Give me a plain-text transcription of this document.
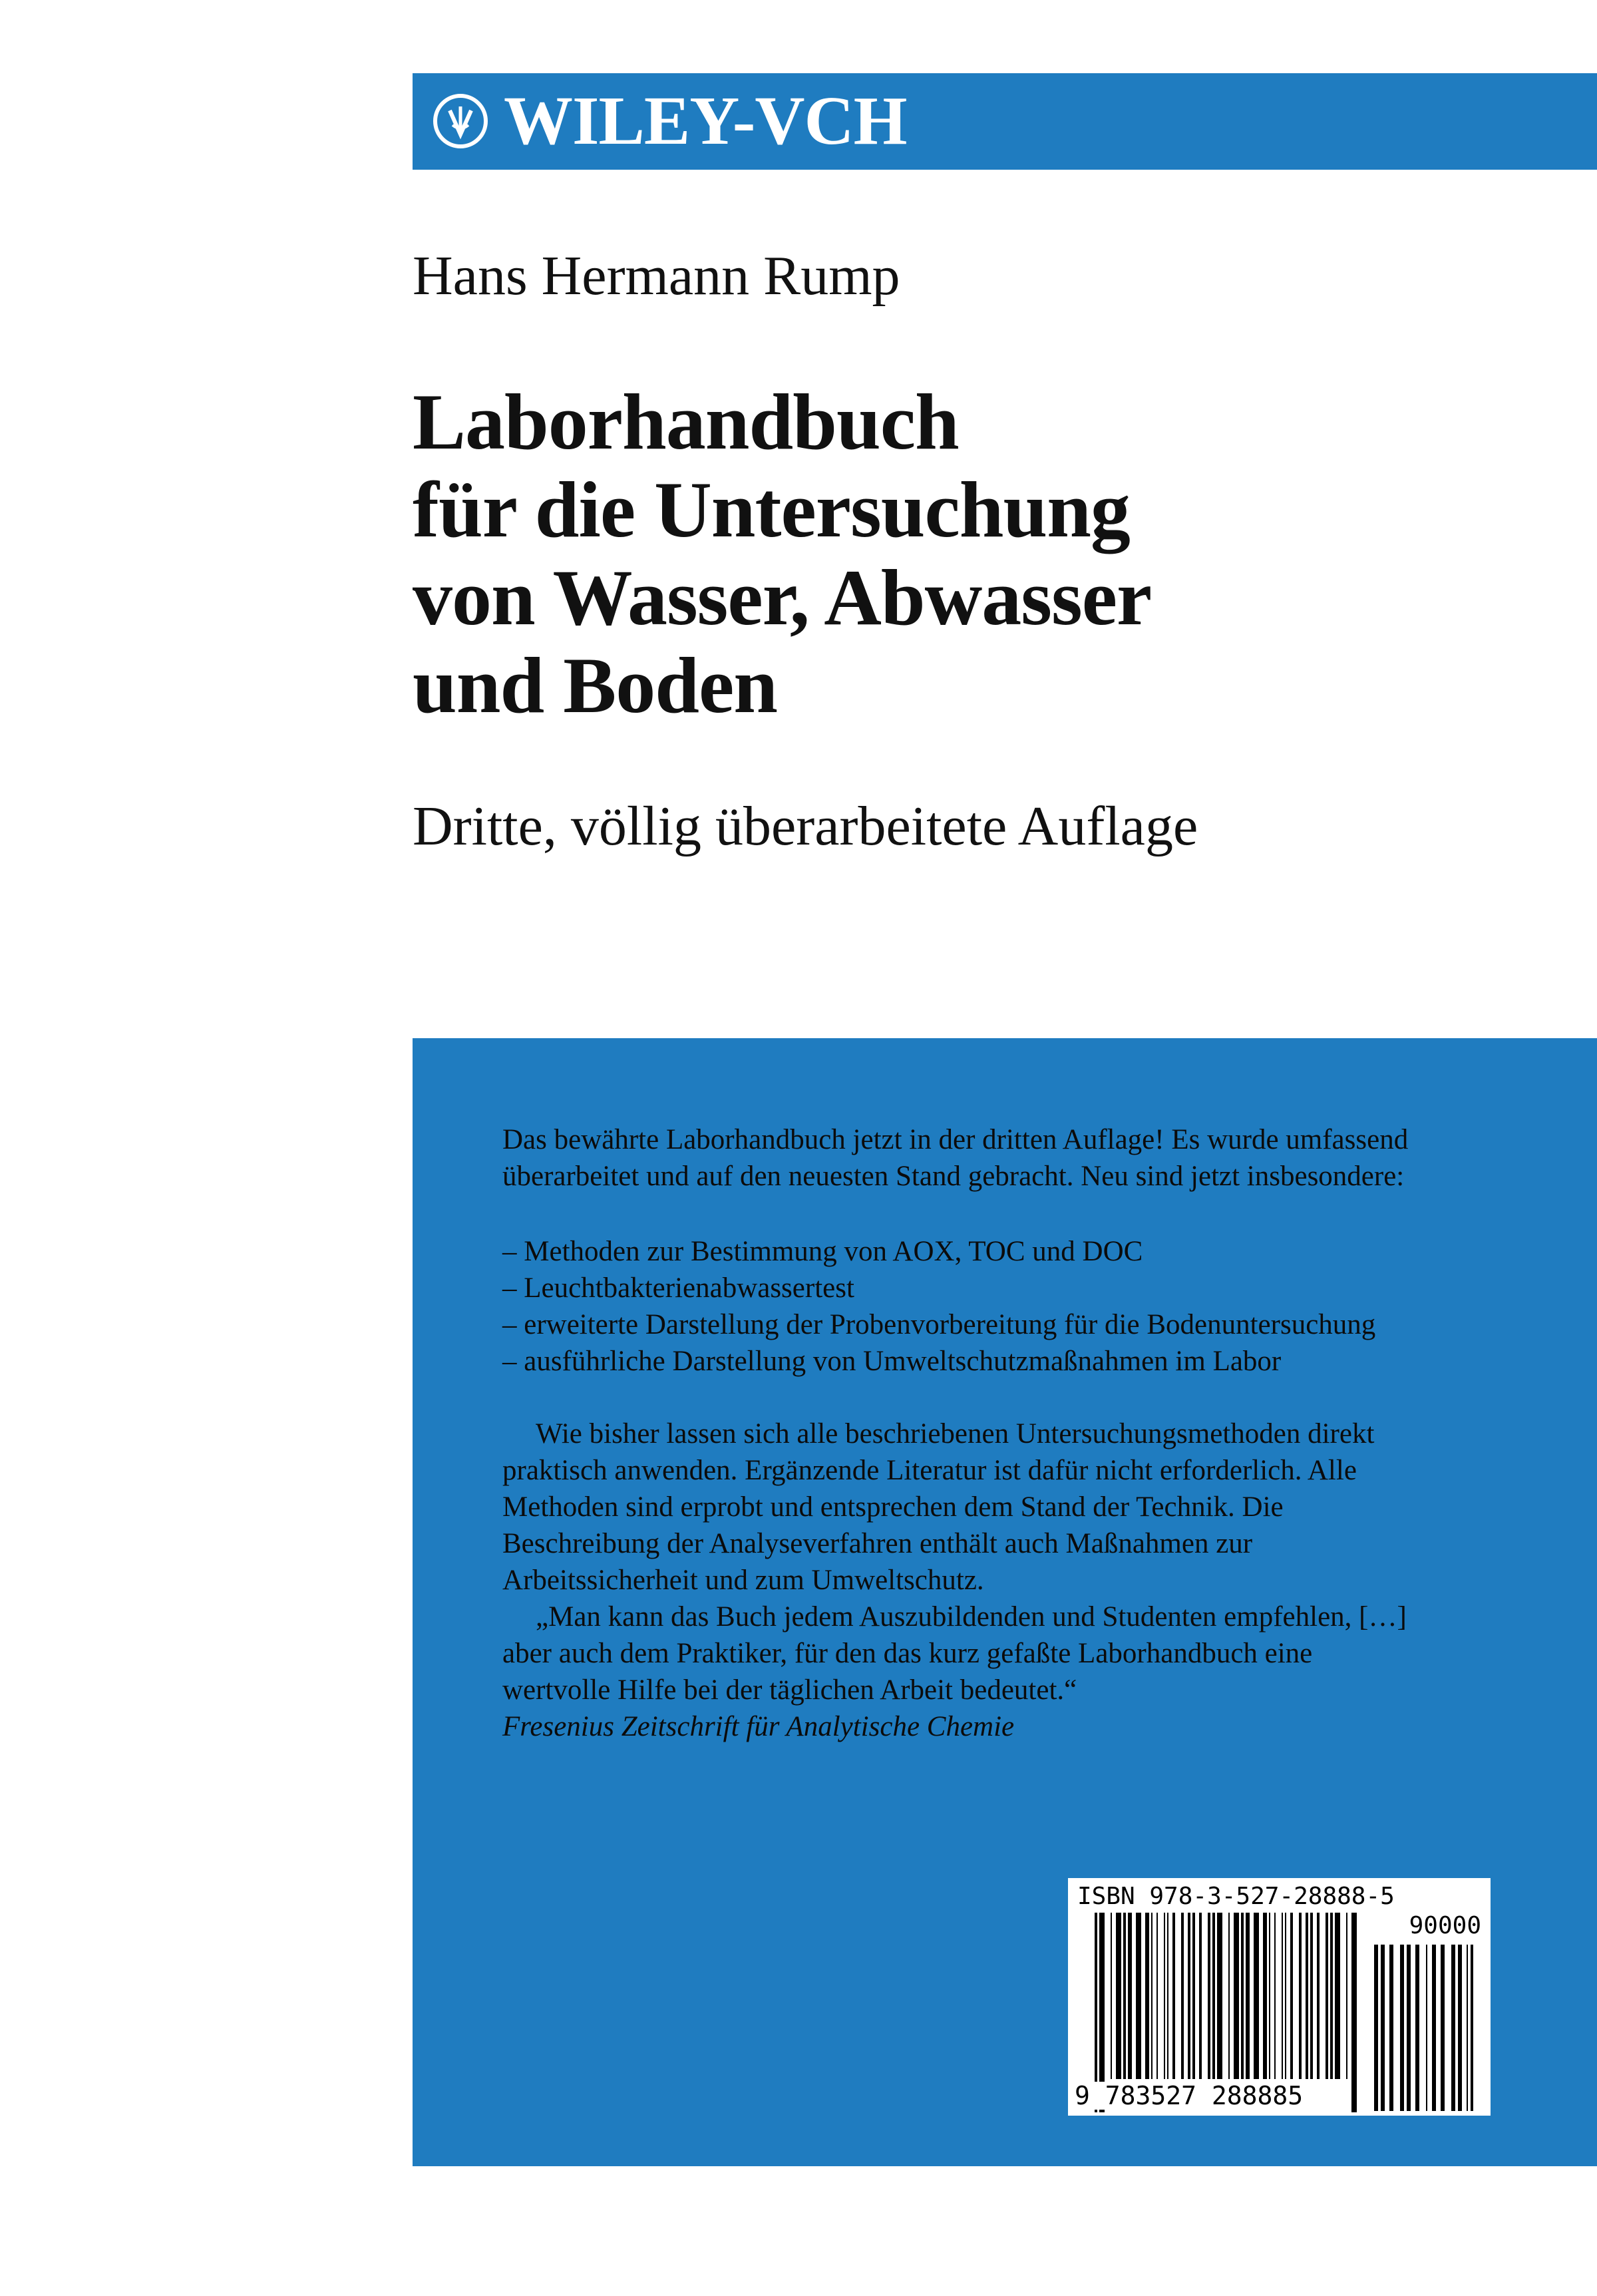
WILEY-VCH
Hans Hermann Rump
Laborhandbuch
für die Untersuchung
von Wasser, Abwasser
und Boden
Dritte, völlig überarbeitete Auflage

Das bewährte Laborhandbuch jetzt in der dritten Auflage! Es wurde umfassend überarbeitet und auf den neuesten Stand gebracht. Neu sind jetzt insbesondere:

– Methoden zur Bestimmung von AOX, TOC und DOC
– Leuchtbakterienabwassertest
– erweiterte Darstellung der Probenvorbereitung für die Bodenuntersuchung
– ausführliche Darstellung von Umweltschutzmaßnahmen im Labor

Wie bisher lassen sich alle beschriebenen Untersuchungsmethoden direkt praktisch anwenden. Ergänzende Literatur ist dafür nicht erforderlich. Alle Methoden sind erprobt und entsprechen dem Stand der Technik. Die Beschreibung der Analyseverfahren enthält auch Maßnahmen zur Arbeitssicherheit und zum Umweltschutz.

„Man kann das Buch jedem Auszubildenden und Studenten empfehlen, […] aber auch dem Praktiker, für den das kurz gefaßte Laborhandbuch eine wertvolle Hilfe bei der täglichen Arbeit bedeutet.“

Fresenius Zeitschrift für Analytische Chemie

ISBN 978-3-527-28888-5
90000
9 783527 288885
